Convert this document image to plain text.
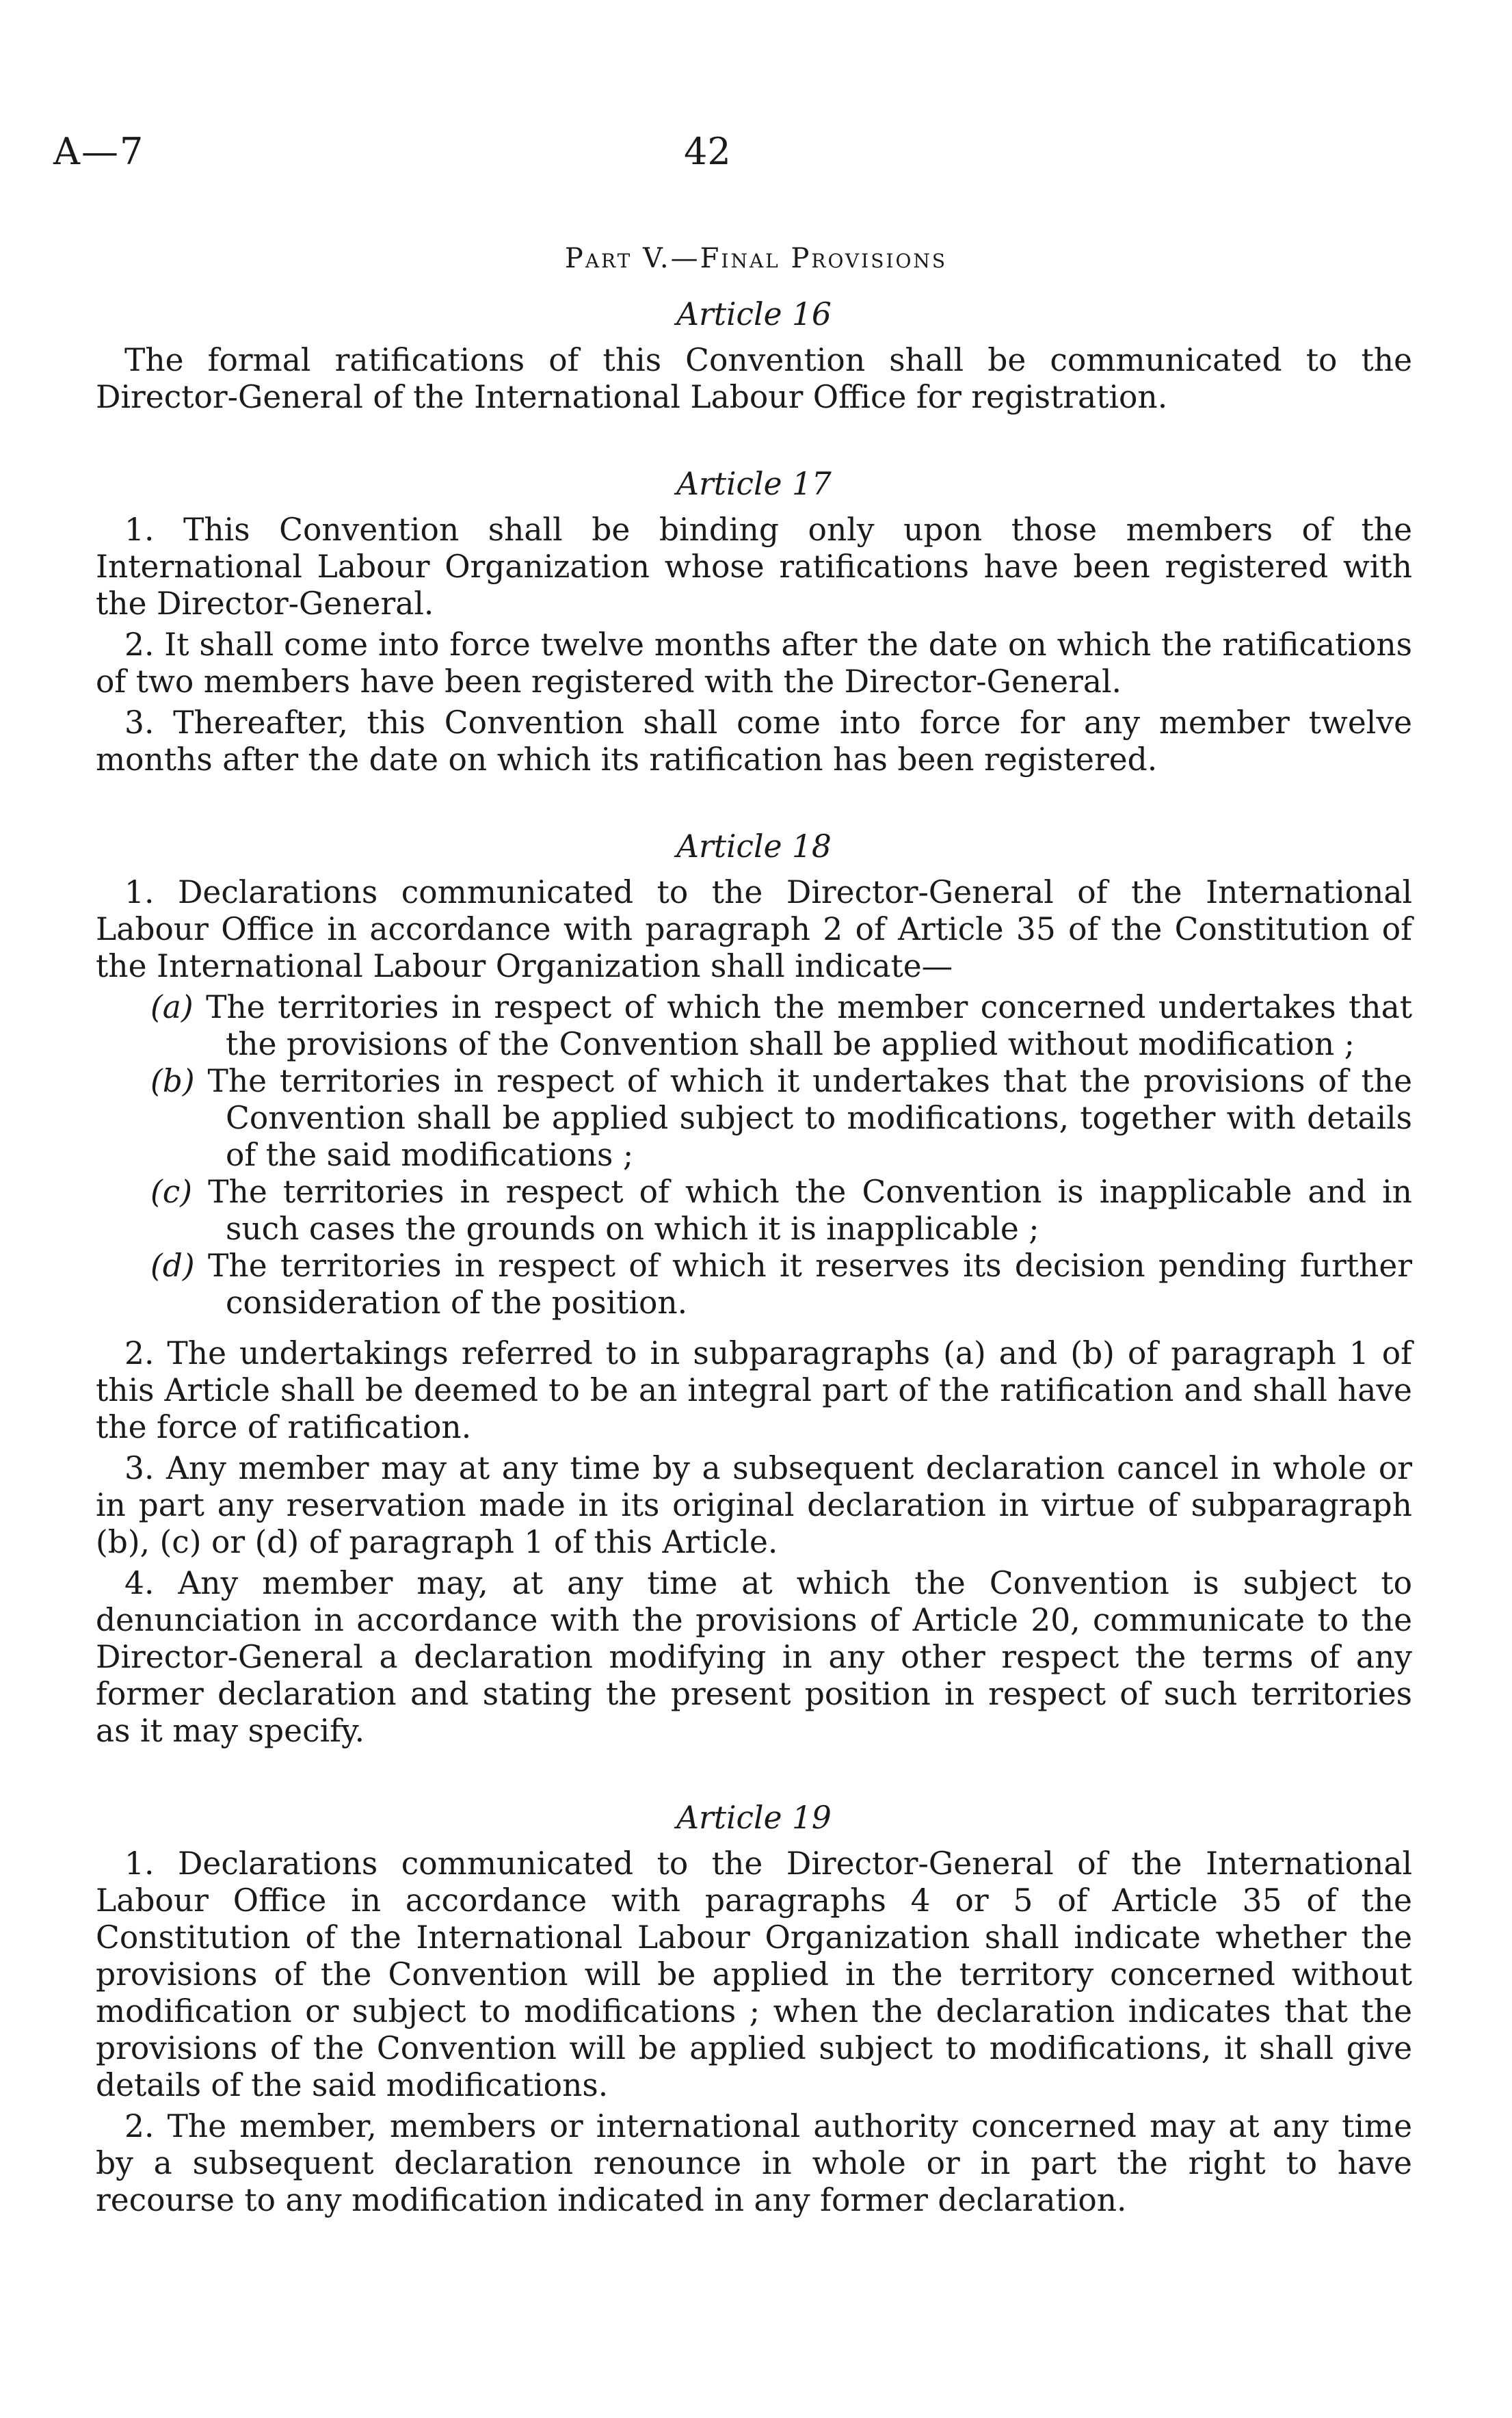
A—7	42
Part V.—Final Provisions
Article 16

The formal ratifications of this Convention shall be communicated to the Director-General of the International Labour Office for registration.

Article 17

1. This Convention shall be binding only upon those members of the International Labour Organization whose ratifications have been registered with the Director-General.

2. It shall come into force twelve months after the date on which the ratifications of two members have been registered with the Director-General.

3. Thereafter, this Convention shall come into force for any member twelve months after the date on which its ratification has been registered.

Article 18

1. Declarations communicated to the Director-General of the International Labour Office in accordance with paragraph 2 of Article 35 of the Constitution of the International Labour Organization shall indicate—

(a) The territories in respect of which the member concerned undertakes that the provisions of the Convention shall be applied without modification ;

(b) The territories in respect of which it undertakes that the provisions of the Convention shall be applied subject to modifications, together with details of the said modifications ;

(c) The territories in respect of which the Convention is inapplicable and in such cases the grounds on which it is inapplicable ;

(d) The territories in respect of which it reserves its decision pending further consideration of the position.

2. The undertakings referred to in subparagraphs (a) and (b) of paragraph 1 of this Article shall be deemed to be an integral part of the ratification and shall have the force of ratification.

3. Any member may at any time by a subsequent declaration cancel in whole or in part any reservation made in its original declaration in virtue of subparagraph (b), (c) or (d) of paragraph 1 of this Article.

4. Any member may, at any time at which the Convention is subject to denunciation in accordance with the provisions of Article 20, communicate to the Director-General a declaration modifying in any other respect the terms of any former declaration and stating the present position in respect of such territories as it may specify.

Article 19

1. Declarations communicated to the Director-General of the International Labour Office in accordance with paragraphs 4 or 5 of Article 35 of the Constitution of the International Labour Organization shall indicate whether the provisions of the Convention will be applied in the territory concerned without modification or subject to modifications ; when the declaration indicates that the provisions of the Convention will be applied subject to modifications, it shall give details of the said modifications.

2. The member, members or international authority concerned may at any time by a subsequent declaration renounce in whole or in part the right to have recourse to any modification indicated in any former declaration.
